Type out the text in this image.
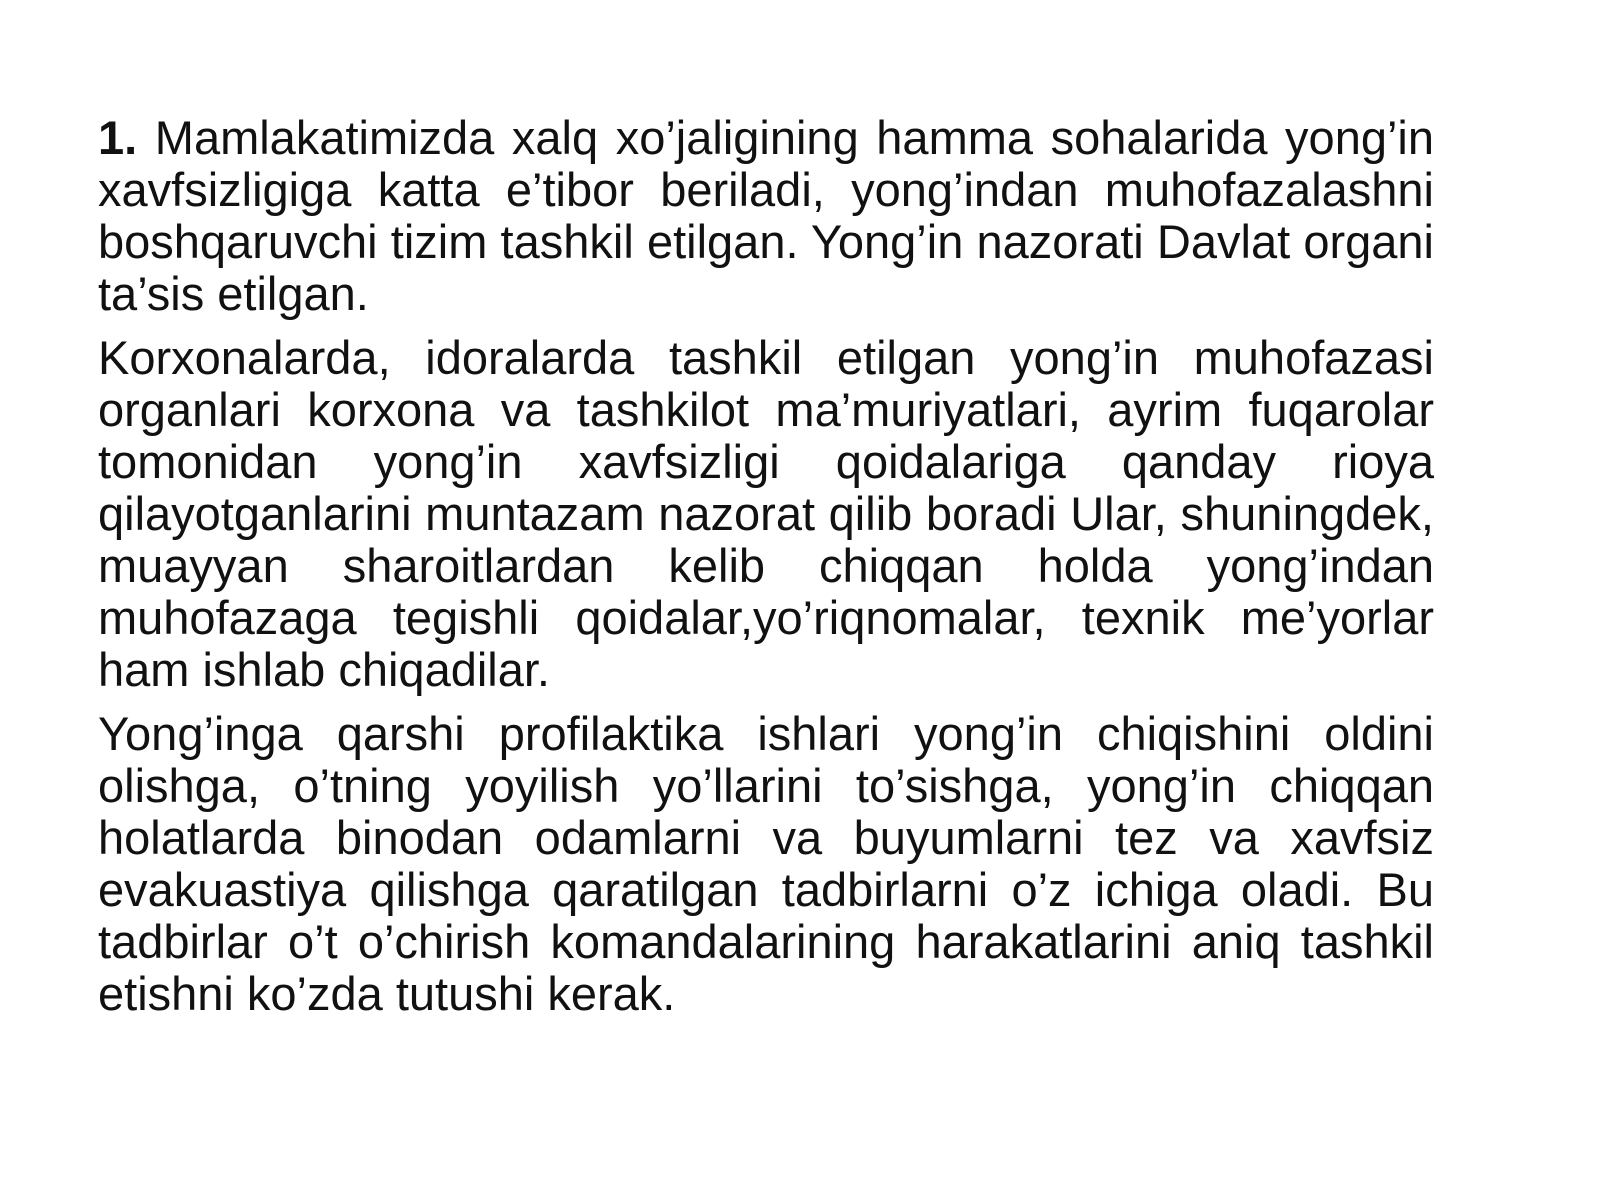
1. Mamlakatimizda xalq xo’jaligining hamma sohalarida yong’in xavfsizligiga katta e’tibor beriladi, yong’indan muhofazalashni boshqaruvchi tizim tashkil etilgan. Yong’in nazorati Davlat organi ta’sis etilgan.

Korxonalarda, idoralarda tashkil etilgan yong’in muhofazasi organlari korxona va tashkilot ma’muriyatlari, ayrim fuqarolar tomonidan yong’in xavfsizligi qoidalariga qanday rioya qilayotganlarini muntazam nazorat qilib boradi Ular, shuningdek, muayyan sharoitlardan kelib chiqqan holda yong’indan muhofazaga tegishli qoidalar,yo’riqnomalar, texnik me’yorlar ham ishlab chiqadilar.

Yong’inga qarshi profilaktika ishlari yong’in chiqishini oldini olishga, o’tning yoyilish yo’llarini to’sishga, yong’in chiqqan holatlarda binodan odamlarni va buyumlarni tez va xavfsiz evakuastiya qilishga qaratilgan tadbirlarni o’z ichiga oladi. Bu tadbirlar o’t o’chirish komandalarining harakatlarini aniq tashkil etishni ko’zda tutushi kerak.
